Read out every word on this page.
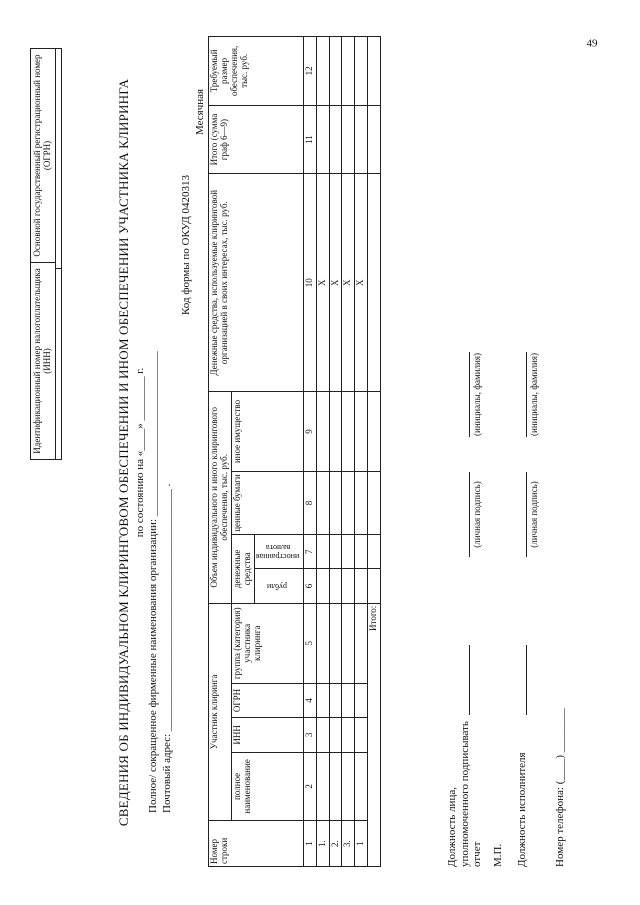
Идентификационный номер налогоплательщика (ИНН)
Основной государственный регистрационный номер (ОГРН)	СВЕДЕНИЯ ОБ ИНДИВИДУАЛЬНОМ КЛИРИНГОВОМ ОБЕСПЕЧЕНИИ И ИНОМ ОБЕСПЕЧЕНИИ УЧАСТНИКА КЛИРИНГА по состоянию на «____» ________ г. Полное/ сокращенное фирменные наименования организации: ______________________________ Почтовый адрес: ____________________________________________ .
Код формы по ОКУД 0420313
Месячная
Номер строки	Участник клиринга				Объем индивидуального и иного клирингового обеспечения, тыс. руб.				Денежные средства, используемые клиринговой организацией в своих интересах, тыс. руб.	Итого (сумма граф 6—9)	Требуемый размер обеспечения, тыс. руб.
	полное наименование	ИНН	ОГРН	группа (категория) участника клиринга	денежные средства		ценные бумаги	иное имущество			
					рубли	иностранная валюта					
1	2	3	4	5	6	7	8	9	10	11	12
1.									X		
2.									X		
3.									X		
1									X		
Итого:											
Должность лица, уполномоченного подписывать отчет
(личная подпись)
(инициалы, фамилия)
М.П. Должность исполнителя
(личная подпись)
(инициалы, фамилия)
Номер телефона: (____) ________
49
